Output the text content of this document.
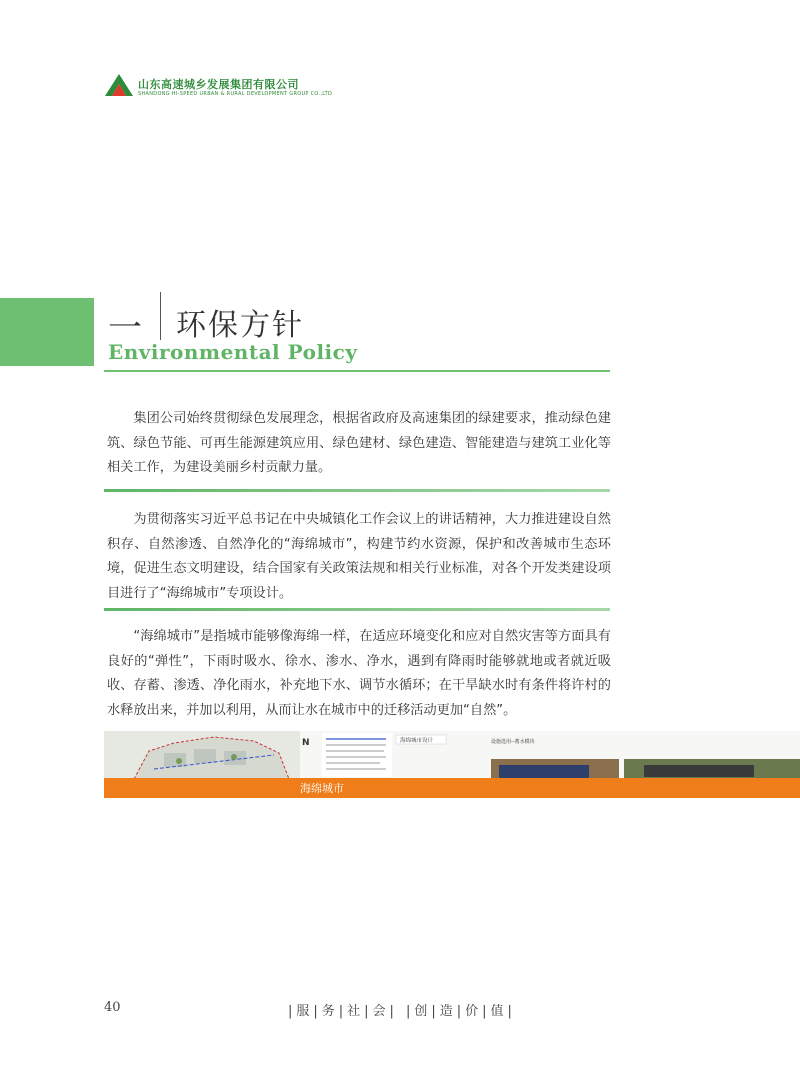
山东高速城乡发展集团有限公司
SHANDONG HI-SPEED URBAN & RURAL DEVELOPMENT GROUP CO.,LTD
一 环保方针
Environmental Policy

集团公司始终贯彻绿色发展理念，根据省政府及高速集团的绿建要求，推动绿色建筑、绿色节能、可再生能源建筑应用、绿色建材、绿色建造、智能建造与建筑工业化等相关工作，为建设美丽乡村贡献力量。

为贯彻落实习近平总书记在中央城镇化工作会议上的讲话精神，大力推进建设自然积存、自然渗透、自然净化的“海绵城市”，构建节约水资源，保护和改善城市生态环境，促进生态文明建设，结合国家有关政策法规和相关行业标准，对各个开发类建设项目进行了“海绵城市”专项设计。

“海绵城市”是指城市能够像海绵一样，在适应环境变化和应对自然灾害等方面具有良好的“弹性”，下雨时吸水、徐水、渗水、净水，遇到有降雨时能够就地或者就近吸收、存蓄、渗透、净化雨水，补充地下水、调节水循环；在干旱缺水时有条件将许村的水释放出来，并加以利用，从而让水在城市中的迁移活动更加“自然”。

N	海绵城市设计	设施选用--蓄水模块
海绵城市
40	|服|务|社|会| |创|造|价|值|
